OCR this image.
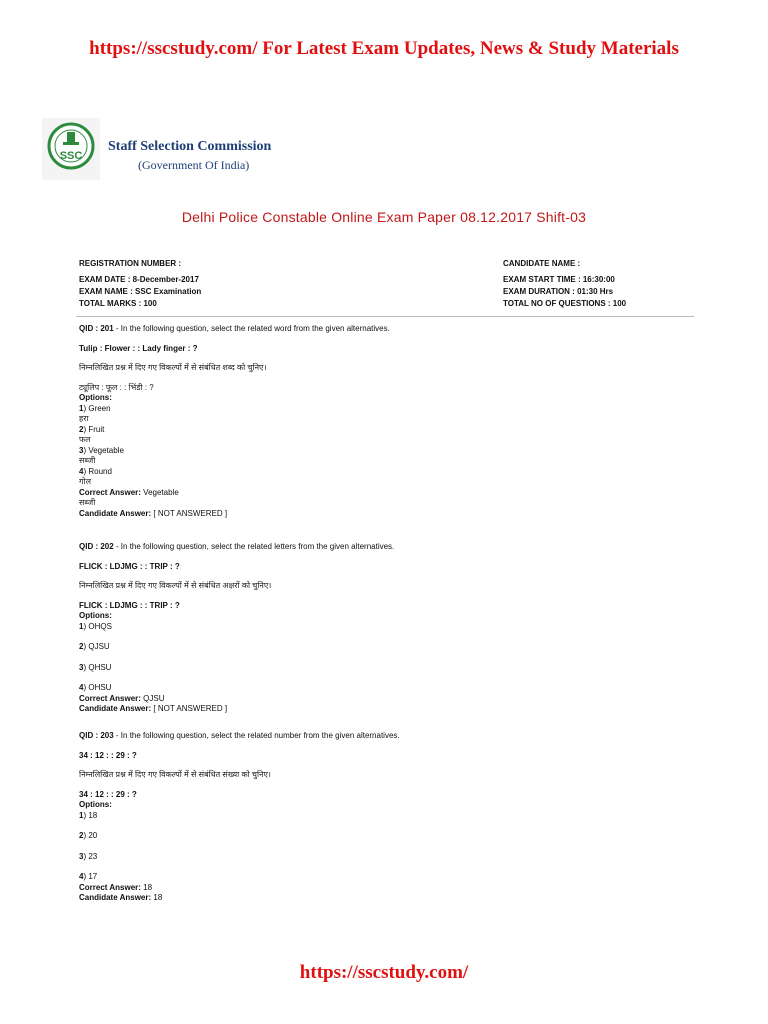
https://sscstudy.com/ For Latest Exam Updates, News & Study Materials
SSC
Staff Selection Commission
(Government Of India)
Delhi Police Constable Online Exam Paper 08.12.2017 Shift-03
REGISTRATION NUMBER :
EXAM DATE : 8-December-2017
EXAM NAME : SSC Examination
TOTAL MARKS : 100
CANDIDATE NAME :
EXAM START TIME : 16:30:00
EXAM DURATION : 01:30 Hrs
TOTAL NO OF QUESTIONS : 100
QID : 201 - In the following question, select the related word from the given alternatives.
Tulip : Flower : : Lady finger : ?
निम्नलिखित प्रश्न में दिए गए विकल्पों में से संबंधित शब्द को चुनिए।
ट्यूलिप : फूल : : भिंडी : ?
Options:
1) Green
हरा
2) Fruit
फल
3) Vegetable
सब्जी
4) Round
गोल
Correct Answer: Vegetable
सब्जी
Candidate Answer: [ NOT ANSWERED ]
QID : 202 - In the following question, select the related letters from the given alternatives.
FLICK : LDJMG : : TRIP : ?
निम्नलिखित प्रश्न में दिए गए विकल्पों में से संबंधित अक्षरों को चुनिए।
FLICK : LDJMG : : TRIP : ?
Options:
1) OHQS
2) QJSU
3) QHSU
4) OHSU
Correct Answer: QJSU
Candidate Answer: [ NOT ANSWERED ]
QID : 203 - In the following question, select the related number from the given alternatives.
34 : 12 : : 29 : ?
निम्नलिखित प्रश्न में दिए गए विकल्पों में से संबंधित संख्या को चुनिए।
34 : 12 : : 29 : ?
Options:
1) 18
2) 20
3) 23
4) 17
Correct Answer: 18
Candidate Answer: 18
https://sscstudy.com/
